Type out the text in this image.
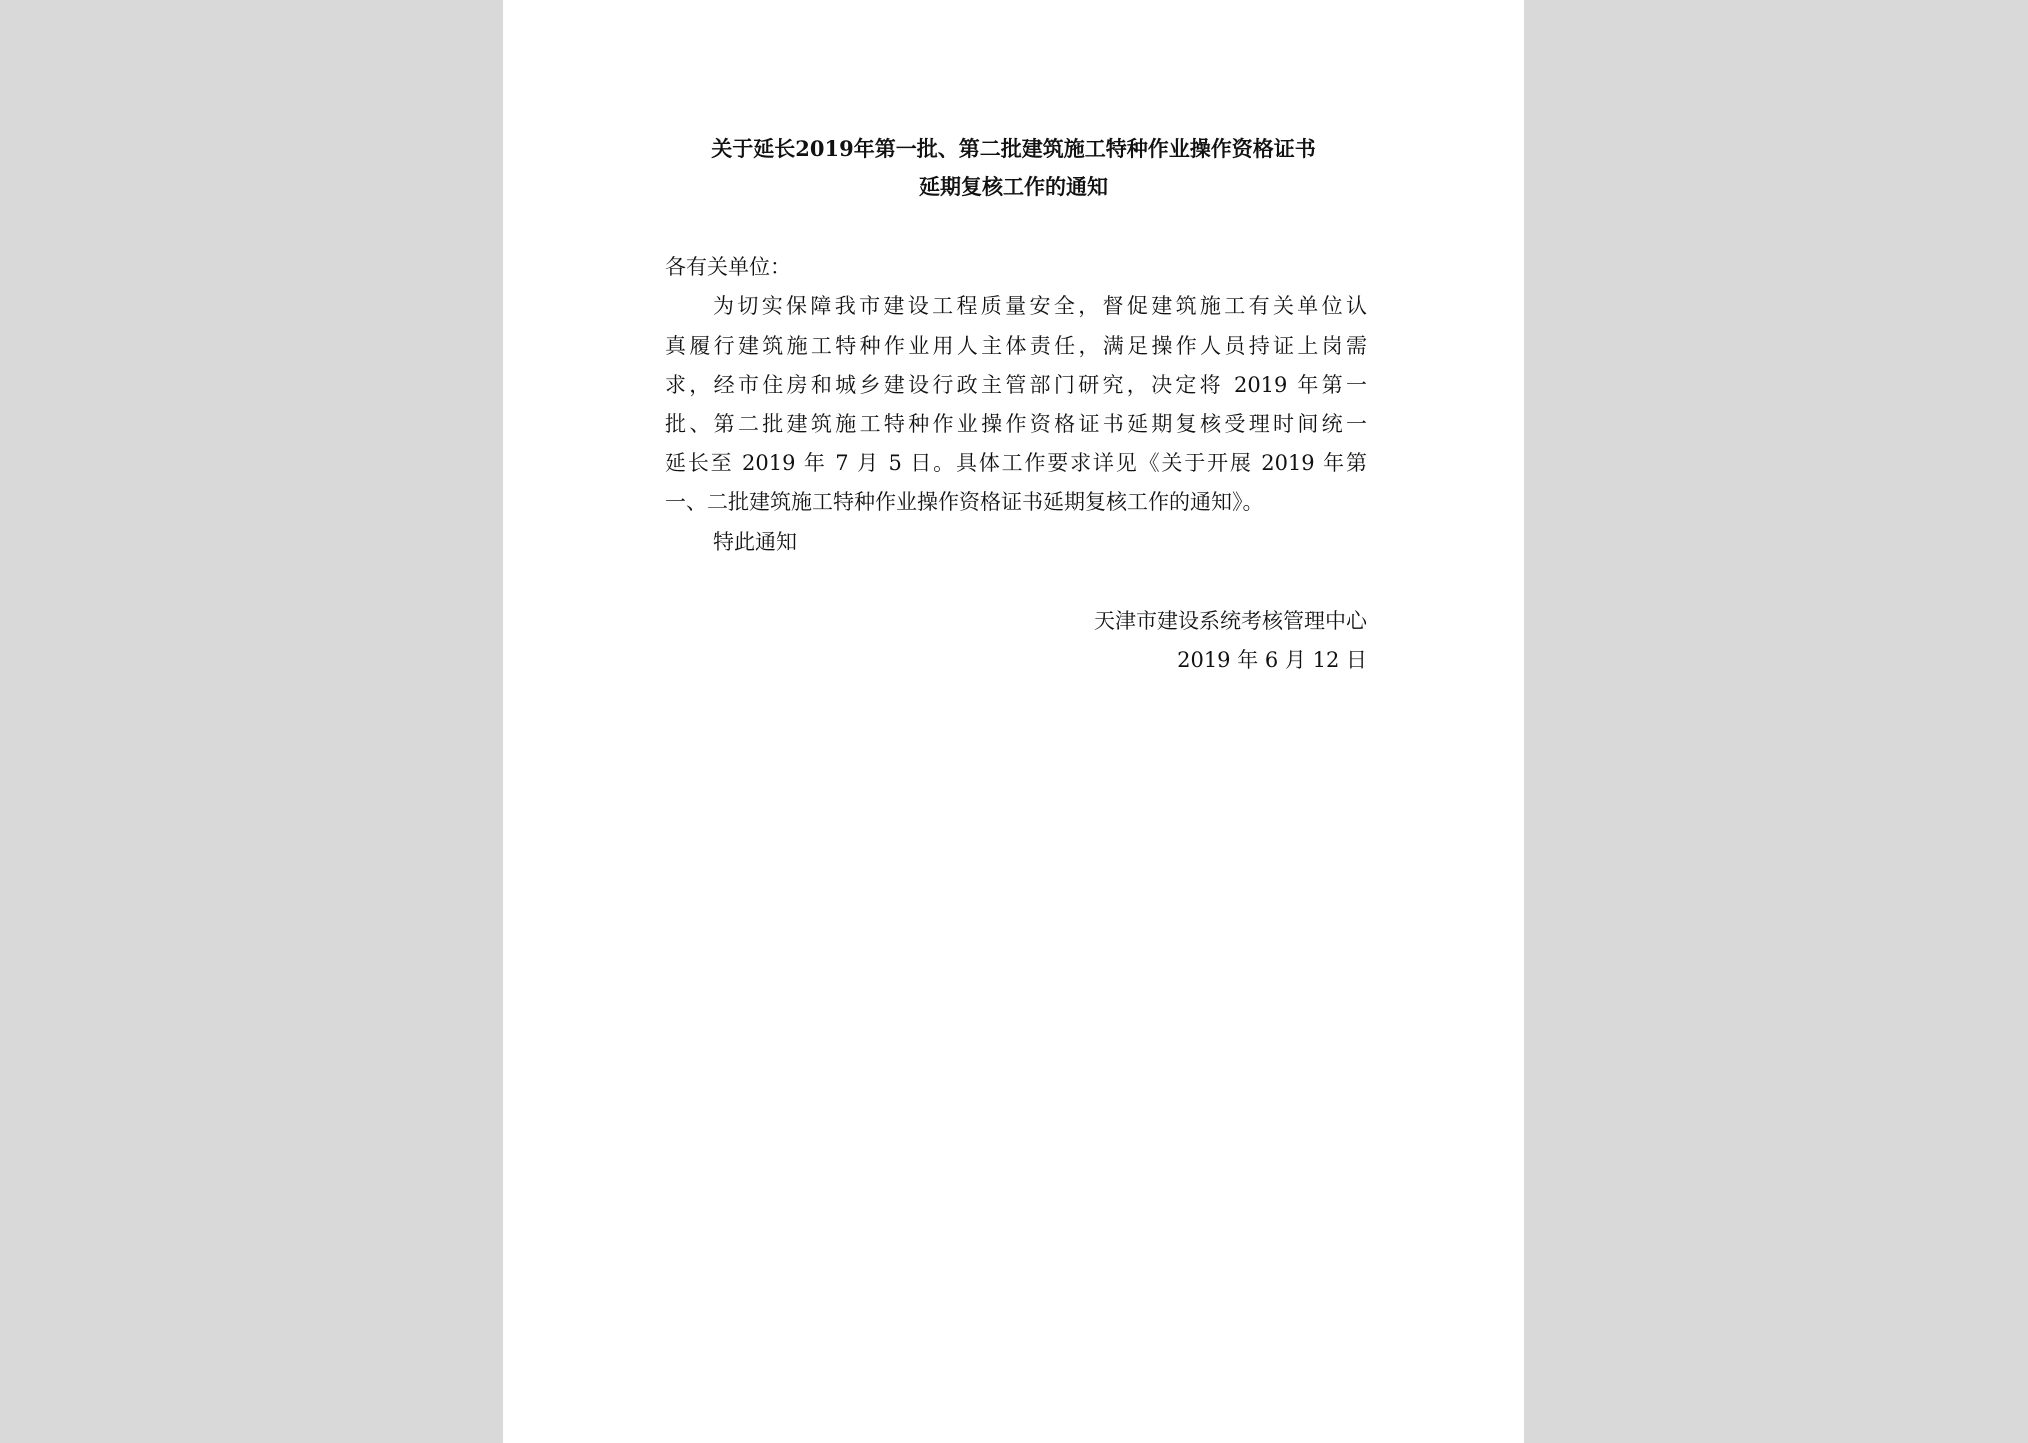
关于延长2019年第一批、第二批建筑施工特种作业操作资格证书
延期复核工作的通知
各有关单位：
为切实保障我市建设工程质量安全，督促建筑施工有关单位认
真履行建筑施工特种作业用人主体责任，满足操作人员持证上岗需
求，经市住房和城乡建设行政主管部门研究，决定将 2019 年第一
批、第二批建筑施工特种作业操作资格证书延期复核受理时间统一
延长至 2019 年 7 月 5 日。具体工作要求详见《关于开展 2019 年第
一、二批建筑施工特种作业操作资格证书延期复核工作的通知》。
特此通知
天津市建设系统考核管理中心
2019 年 6 月 12 日
